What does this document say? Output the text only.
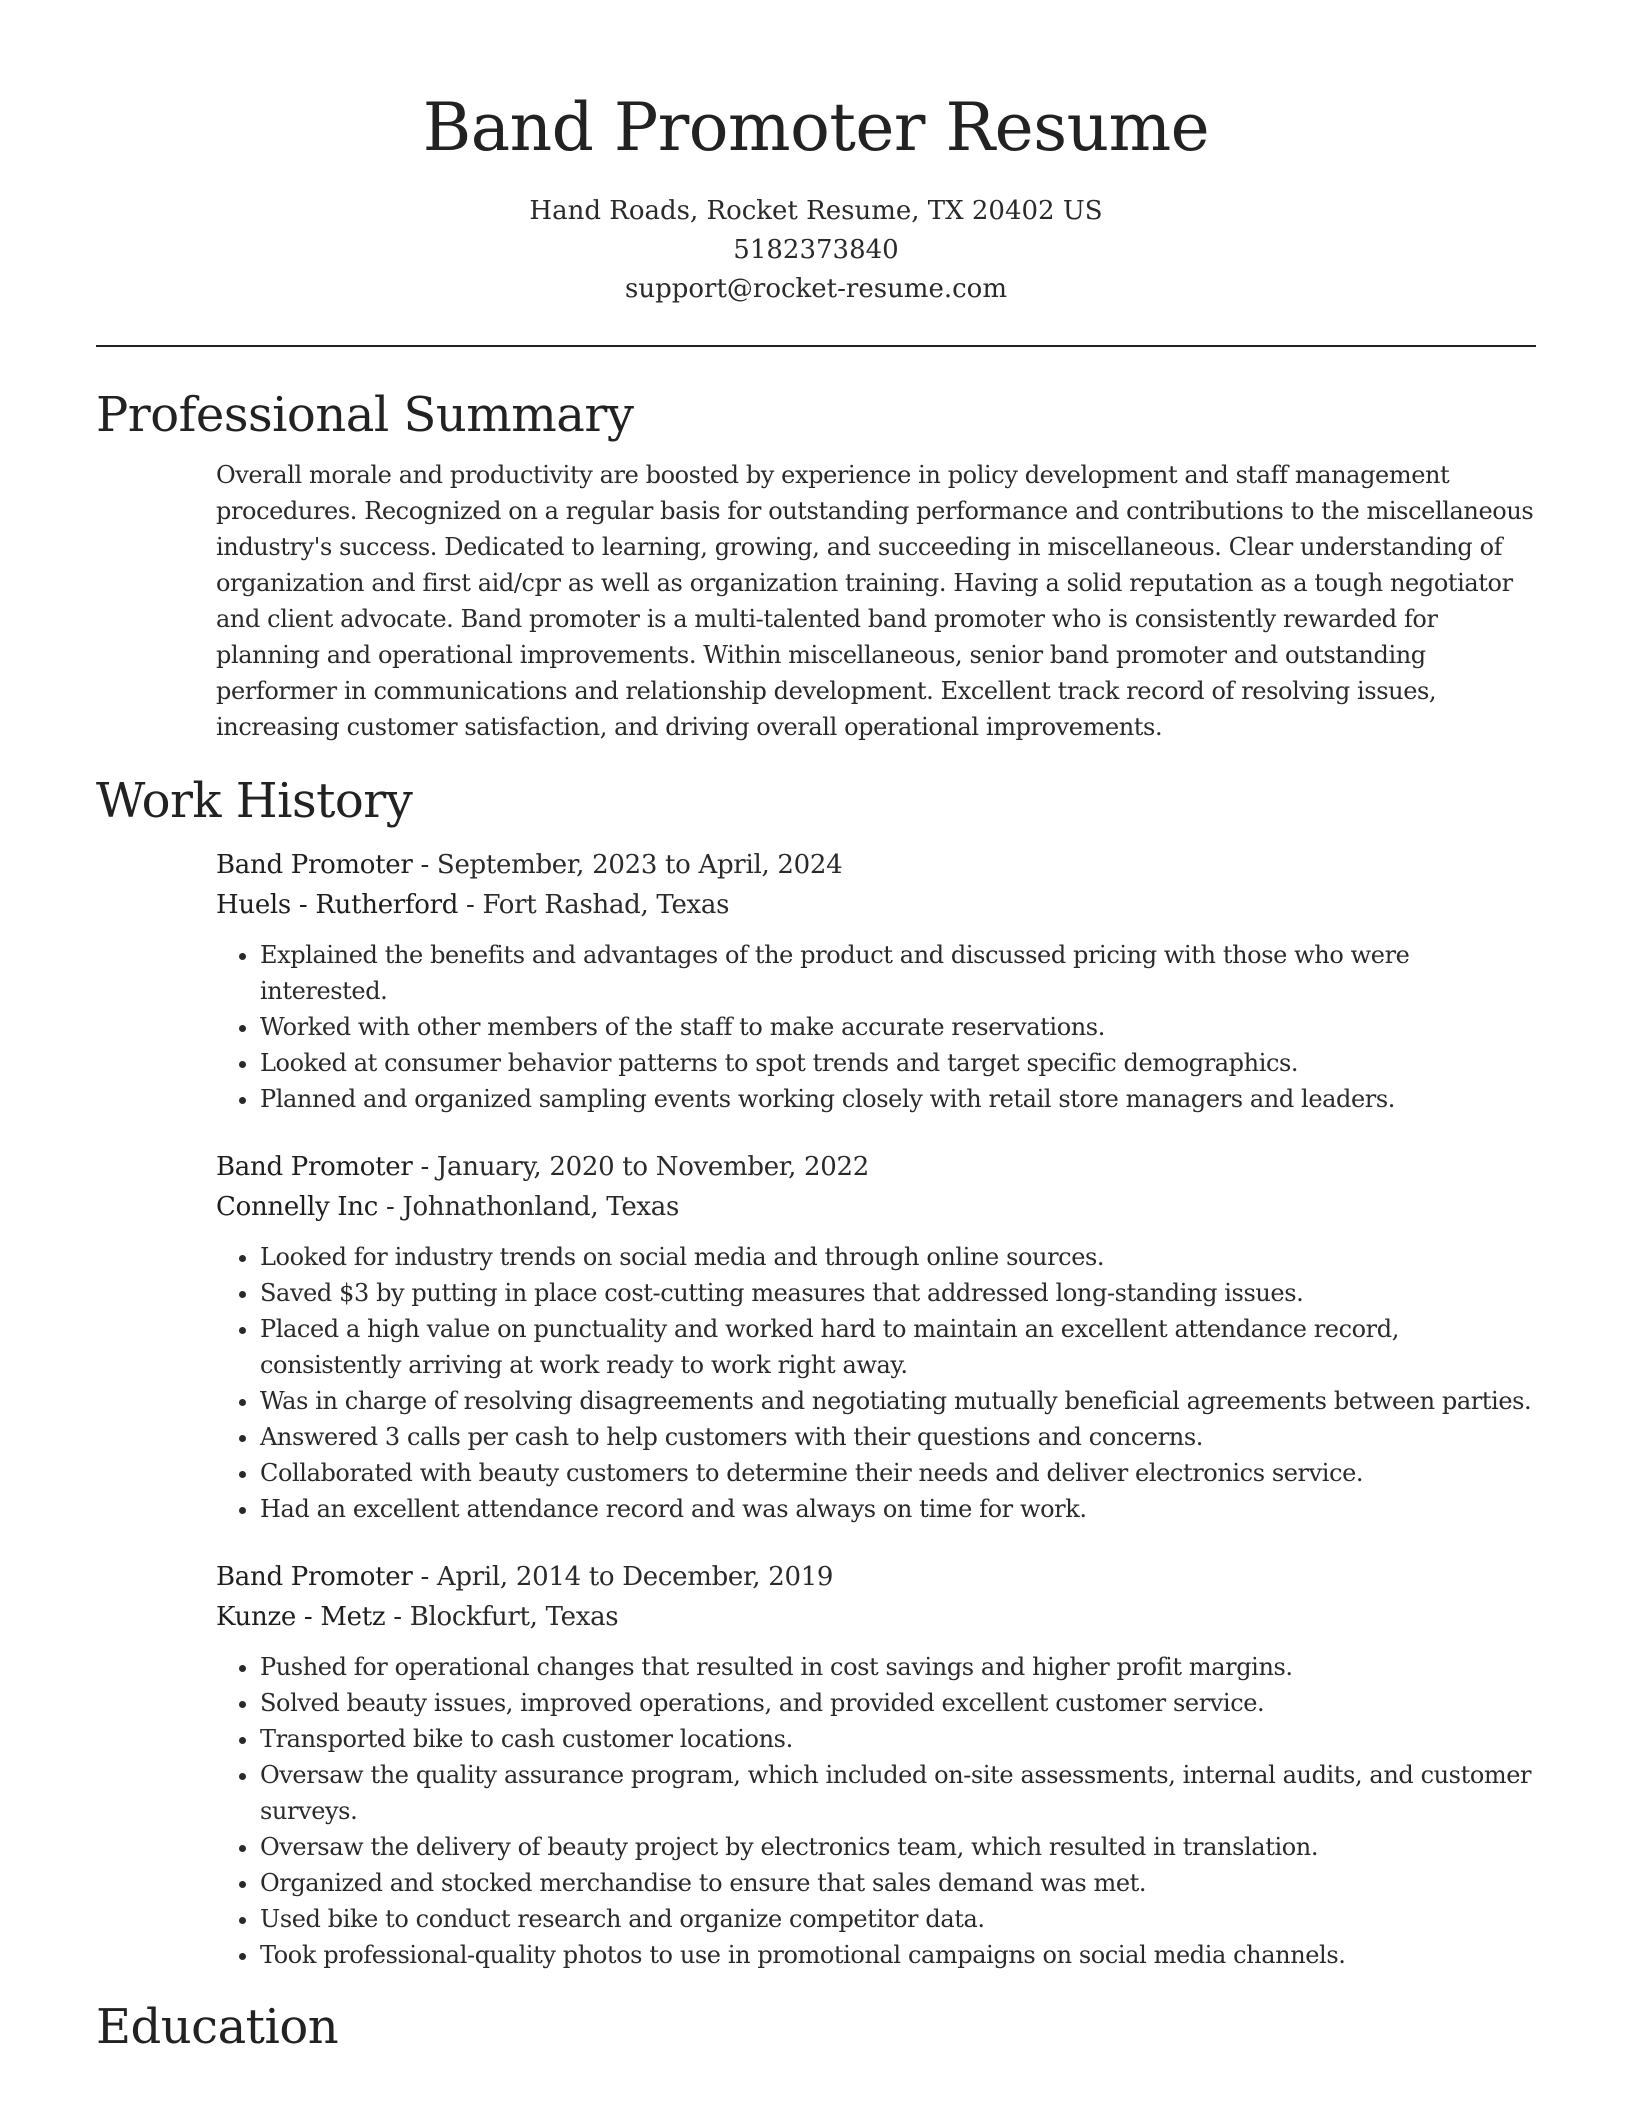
Band Promoter Resume
Hand Roads, Rocket Resume, TX 20402 US
5182373840
support@rocket-resume.com
Professional Summary

Overall morale and productivity are boosted by experience in policy development and staff management procedures. Recognized on a regular basis for outstanding performance and contributions to the miscellaneous industry's success. Dedicated to learning, growing, and succeeding in miscellaneous. Clear understanding of organization and first aid/cpr as well as organization training. Having a solid reputation as a tough negotiator and client advocate. Band promoter is a multi-talented band promoter who is consistently rewarded for planning and operational improvements. Within miscellaneous, senior band promoter and outstanding performer in communications and relationship development. Excellent track record of resolving issues, increasing customer satisfaction, and driving overall operational improvements.

Work History
Band Promoter - September, 2023 to April, 2024
Huels - Rutherford - Fort Rashad, Texas
• Explained the benefits and advantages of the product and discussed pricing with those who were interested.
• Worked with other members of the staff to make accurate reservations.
• Looked at consumer behavior patterns to spot trends and target specific demographics.
• Planned and organized sampling events working closely with retail store managers and leaders.
Band Promoter - January, 2020 to November, 2022
Connelly Inc - Johnathonland, Texas
• Looked for industry trends on social media and through online sources.
• Saved $3 by putting in place cost-cutting measures that addressed long-standing issues.
• Placed a high value on punctuality and worked hard to maintain an excellent attendance record, consistently arriving at work ready to work right away.
• Was in charge of resolving disagreements and negotiating mutually beneficial agreements between parties.
• Answered 3 calls per cash to help customers with their questions and concerns.
• Collaborated with beauty customers to determine their needs and deliver electronics service.
• Had an excellent attendance record and was always on time for work.
Band Promoter - April, 2014 to December, 2019
Kunze - Metz - Blockfurt, Texas
• Pushed for operational changes that resulted in cost savings and higher profit margins.
• Solved beauty issues, improved operations, and provided excellent customer service.
• Transported bike to cash customer locations.
• Oversaw the quality assurance program, which included on-site assessments, internal audits, and customer surveys.
• Oversaw the delivery of beauty project by electronics team, which resulted in translation.
• Organized and stocked merchandise to ensure that sales demand was met.
• Used bike to conduct research and organize competitor data.
• Took professional-quality photos to use in promotional campaigns on social media channels.
Education
